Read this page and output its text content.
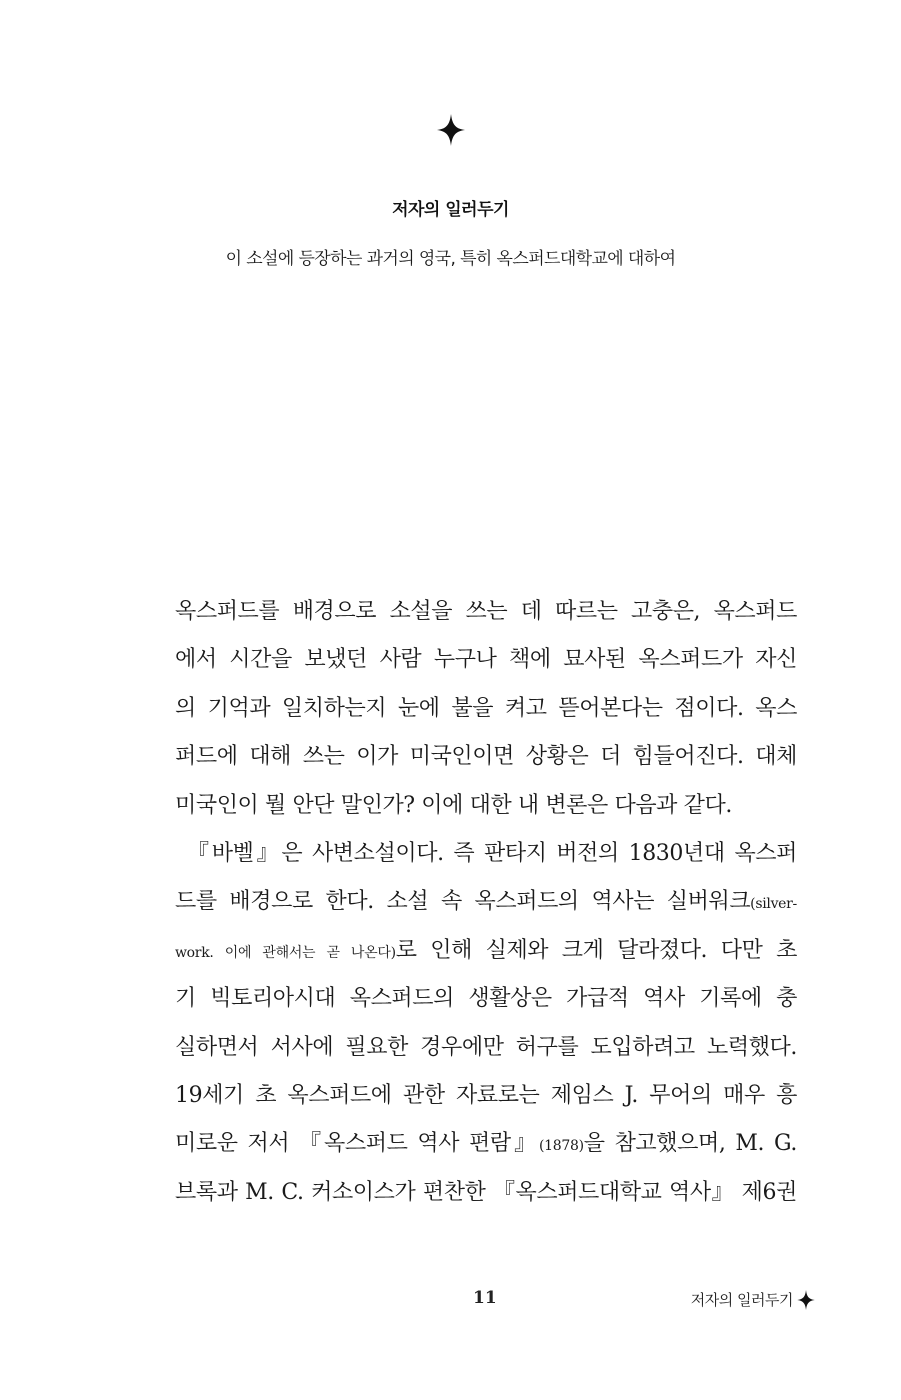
저자의 일러두기
이 소설에 등장하는 과거의 영국, 특히 옥스퍼드대학교에 대하여
옥스퍼드를 배경으로 소설을 쓰는 데 따르는 고충은, 옥스퍼드
에서 시간을 보냈던 사람 누구나 책에 묘사된 옥스퍼드가 자신
의 기억과 일치하는지 눈에 불을 켜고 뜯어본다는 점이다. 옥스
퍼드에 대해 쓰는 이가 미국인이면 상황은 더 힘들어진다. 대체
미국인이 뭘 안단 말인가? 이에 대한 내 변론은 다음과 같다.
『바벨』은 사변소설이다. 즉 판타지 버전의 1830년대 옥스퍼
드를 배경으로 한다. 소설 속 옥스퍼드의 역사는 실버워크(silver-
work. 이에 관해서는 곧 나온다)로 인해 실제와 크게 달라졌다. 다만 초
기 빅토리아시대 옥스퍼드의 생활상은 가급적 역사 기록에 충
실하면서 서사에 필요한 경우에만 허구를 도입하려고 노력했다.
19세기 초 옥스퍼드에 관한 자료로는 제임스 J. 무어의 매우 흥
미로운 저서 『옥스퍼드 역사 편람』(1878)을 참고했으며, M. G.
브록과 M. C. 커소이스가 편찬한 『옥스퍼드대학교 역사』 제6권
11	저자의 일러두기
